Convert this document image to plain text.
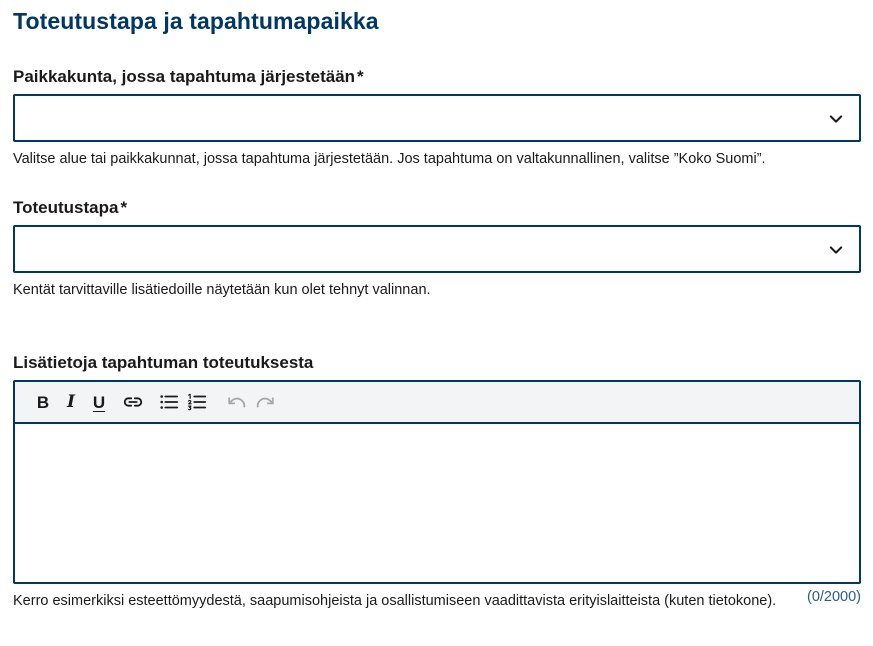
Toteutustapa ja tapahtumapaikka
Paikkakunta, jossa tapahtuma järjestetään *

Valitse alue tai paikkakunnat, jossa tapahtuma järjestetään. Jos tapahtuma on valtakunnallinen, valitse ”Koko Suomi”.

Toteutustapa *

Kentät tarvittaville lisätiedoille näytetään kun olet tehnyt valinnan.

Lisätietoja tapahtuman toteutuksesta
B I U

Kerro esimerkiksi esteettömyydestä, saapumisohjeista ja osallistumiseen vaadittavista erityislaitteista (kuten tietokone).	(0/2000)
